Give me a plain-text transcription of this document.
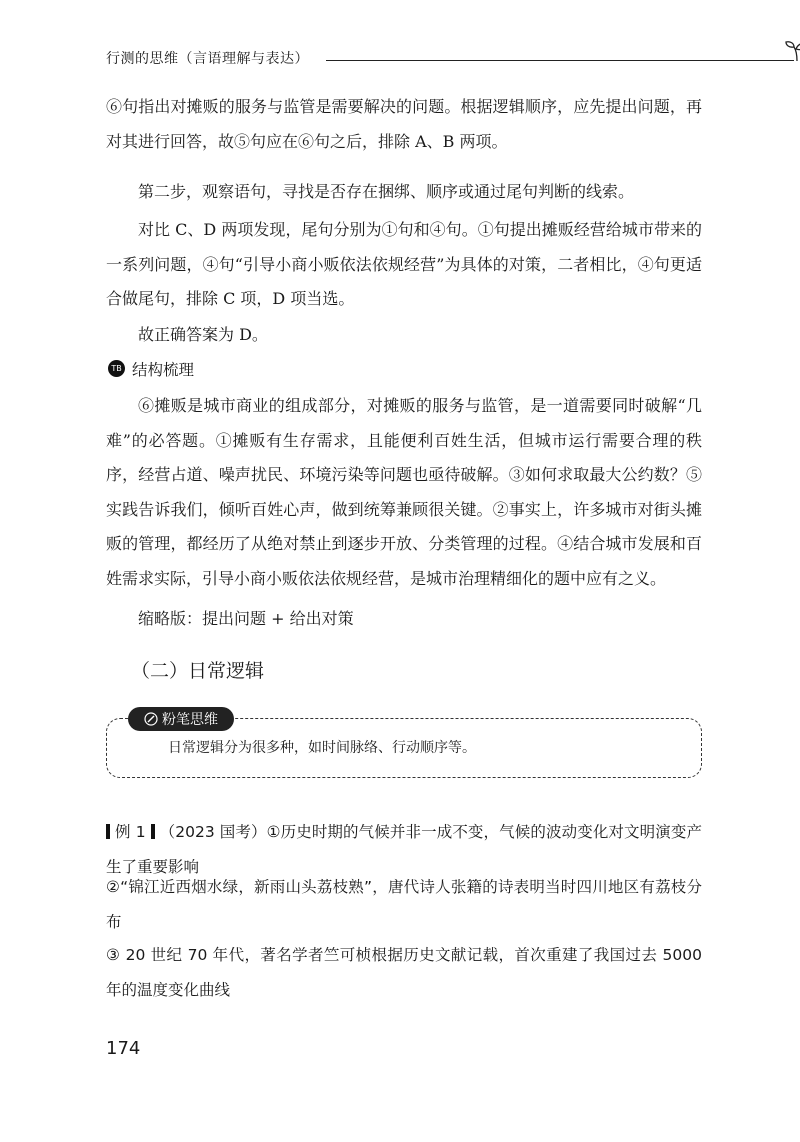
行测的思维（言语理解与表达）

⑥句指出对摊贩的服务与监管是需要解决的问题。根据逻辑顺序，应先提出问题，再对其进行回答，故⑤句应在⑥句之后，排除 A、B 两项。

第二步，观察语句，寻找是否存在捆绑、顺序或通过尾句判断的线索。

对比 C、D 两项发现，尾句分别为①句和④句。①句提出摊贩经营给城市带来的一系列问题，④句“引导小商小贩依法依规经营”为具体的对策，二者相比，④句更适合做尾句，排除 C 项，D 项当选。

故正确答案为 D。

TB 结构梳理

⑥摊贩是城市商业的组成部分，对摊贩的服务与监管，是一道需要同时破解“几难”的必答题。①摊贩有生存需求，且能便利百姓生活，但城市运行需要合理的秩序，经营占道、噪声扰民、环境污染等问题也亟待破解。③如何求取最大公约数？⑤实践告诉我们，倾听百姓心声，做到统筹兼顾很关键。②事实上，许多城市对街头摊贩的管理，都经历了从绝对禁止到逐步开放、分类管理的过程。④结合城市发展和百姓需求实际，引导小商小贩依法依规经营，是城市治理精细化的题中应有之义。

缩略版：提出问题 + 给出对策

（二）日常逻辑
粉笔思维
日常逻辑分为很多种，如时间脉络、行动顺序等。

例 1 （2023 国考）①历史时期的气候并非一成不变，气候的波动变化对文明演变产生了重要影响

②“锦江近西烟水绿，新雨山头荔枝熟”，唐代诗人张籍的诗表明当时四川地区有荔枝分布

③ 20 世纪 70 年代，著名学者竺可桢根据历史文献记载，首次重建了我国过去 5000 年的温度变化曲线

174
